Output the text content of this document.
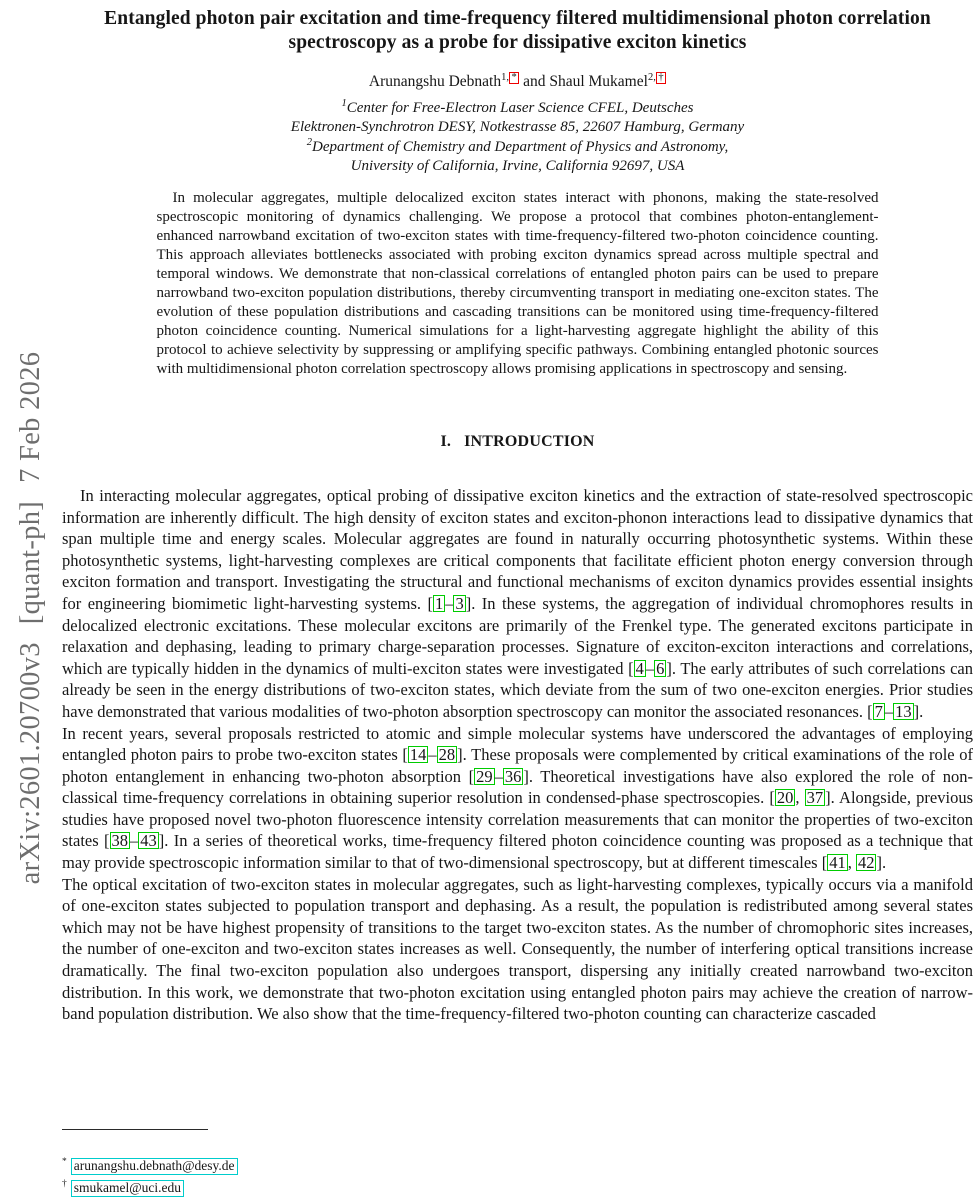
arXiv:2601.20700v3[quant-ph]7 Feb 2026
Entangled photon pair excitation and time-frequency filtered multidimensional photon correlation spectroscopy as a probe for dissipative exciton kinetics
Arunangshu Debnath$^{1, *}$ and Shaul Mukamel$^{2, \dagger}$
$^1$Center for Free-Electron Laser Science CFEL, Deutsches
Elektronen-Synchrotron DESY, Notkestrasse 85, 22607 Hamburg, Germany
$^2$Department of Chemistry and Department of Physics and Astronomy,
University of California, Irvine, California 92697, USA
In molecular aggregates, multiple delocalized exciton states interact with phonons, making the state-resolved spectroscopic monitoring of dynamics challenging. We propose a protocol that combines photon-entanglement-enhanced narrowband excitation of two-exciton states with time-frequency-filtered two-photon coincidence counting. This approach alleviates bottlenecks associated with probing exciton dynamics spread across multiple spectral and temporal windows. We demonstrate that non-classical correlations of entangled photon pairs can be used to prepare narrowband two-exciton population distributions, thereby circumventing transport in mediating one-exciton states. The evolution of these population distributions and cascading transitions can be monitored using time-frequency-filtered photon coincidence counting. Numerical simulations for a light-harvesting aggregate highlight the ability of this protocol to achieve selectivity by suppressing or amplifying specific pathways. Combining entangled photonic sources with multidimensional photon correlation spectroscopy allows promising applications in spectroscopy and sensing.
I. INTRODUCTION
In interacting molecular aggregates, optical probing of dissipative exciton kinetics and the extraction of state-resolved spectroscopic information are inherently difficult. The high density of exciton states and exciton-phonon interactions lead to dissipative dynamics that span multiple time and energy scales. Molecular aggregates are found in naturally occurring photosynthetic systems. Within these photosynthetic systems, light-harvesting complexes are critical components that facilitate efficient photon energy conversion through exciton formation and transport. Investigating the structural and functional mechanisms of exciton dynamics provides essential insights for engineering biomimetic light-harvesting systems. [ 1 – 3 ]. In these systems, the aggregation of individual chromophores results in delocalized electronic excitations. These molecular excitons are primarily of the Frenkel type. The generated excitons participate in relaxation and dephasing, leading to primary charge-separation processes. Signature of exciton-exciton interactions and correlations, which are typically hidden in the dynamics of multi-exciton states were investigated [ 4 – 6 ]. The early attributes of such correlations can already be seen in the energy distributions of two-exciton states, which deviate from the sum of two one-exciton energies. Prior studies have demonstrated that various modalities of two-photon absorption spectroscopy can monitor the associated resonances. [ 7 – 13 ].
In recent years, several proposals restricted to atomic and simple molecular systems have underscored the advantages of employing entangled photon pairs to probe two-exciton states [ 14 – 28 ]. These proposals were complemented by critical examinations of the role of photon entanglement in enhancing two-photon absorption [ 29 – 36 ]. Theoretical investigations have also explored the role of non-classical time-frequency correlations in obtaining superior resolution in condensed-phase spectroscopies. [ 20 , 37 ]. Alongside, previous studies have proposed novel two-photon fluorescence intensity correlation measurements that can monitor the properties of two-exciton states [ 38 – 43 ]. In a series of theoretical works, time-frequency filtered photon coincidence counting was proposed as a technique that may provide spectroscopic information similar to that of two-dimensional spectroscopy, but at different timescales [ 41 , 42 ].
The optical excitation of two-exciton states in molecular aggregates, such as light-harvesting complexes, typically occurs via a manifold of one-exciton states subjected to population transport and dephasing. As a result, the population is redistributed among several states which may not be have highest propensity of transitions to the target two-exciton states. As the number of chromophoric sites increases, the number of one-exciton and two-exciton states increases as well. Consequently, the number of interfering optical transitions increase dramatically. The final two-exciton population also undergoes transport, dispersing any initially created narrowband two-exciton distribution. In this work, we demonstrate that two-photon excitation using entangled photon pairs may achieve the creation of narrow-band population distribution. We also show that the time-frequency-filtered two-photon counting can characterize cascaded
* arunangshu.debnath@desy.de
† smukamel@uci.edu
